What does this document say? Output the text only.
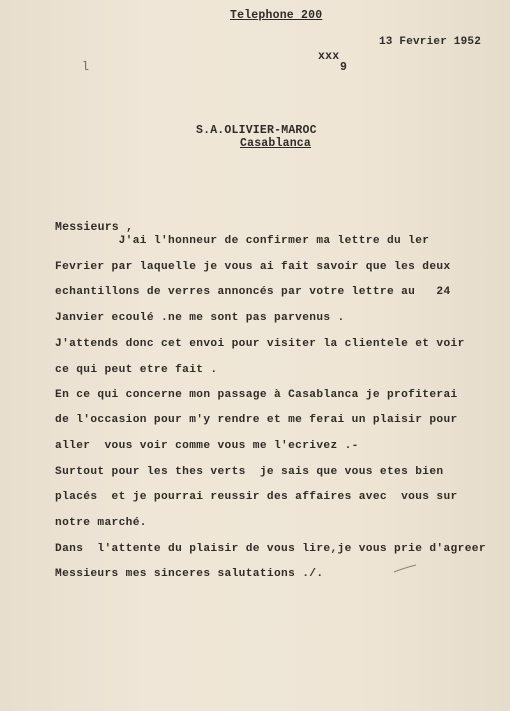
Telephone 200
13 Fevrier 1952
xxx
9
l
S.A.OLIVIER-MAROC
Casablanca
Messieurs ,
J'ai l'honneur de confirmer ma lettre du ler
Fevrier par laquelle je vous ai fait savoir que les deux
echantillons de verres annoncés par votre lettre au   24
Janvier ecoulé .ne me sont pas parvenus .
J'attends donc cet envoi pour visiter la clientele et voir
ce qui peut etre fait .
En ce qui concerne mon passage à Casablanca je profiterai
de l'occasion pour m'y rendre et me ferai un plaisir pour
aller  vous voir comme vous me l'ecrivez .-
Surtout pour les thes verts  je sais que vous etes bien
placés  et je pourrai reussir des affaires avec  vous sur
notre marché.
Dans  l'attente du plaisir de vous lire,je vous prie d'agreer
Messieurs mes sinceres salutations ./.
